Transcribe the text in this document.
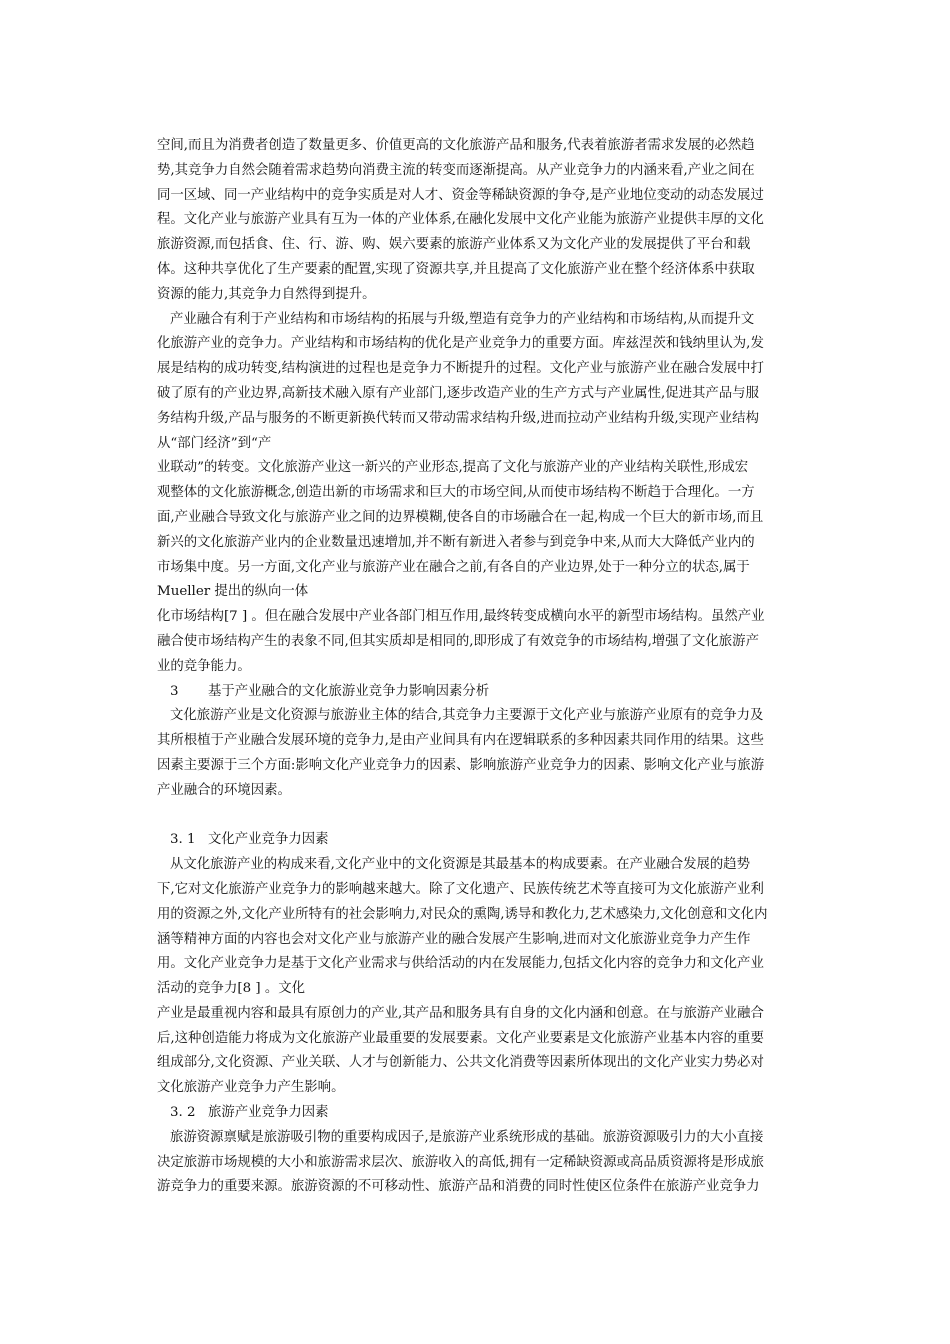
空间,而且为消费者创造了数量更多、价值更高的文化旅游产品和服务,代表着旅游者需求发展的必然趋
势,其竞争力自然会随着需求趋势向消费主流的转变而逐渐提高。从产业竞争力的内涵来看,产业之间在
同一区域、同一产业结构中的竞争实质是对人才、资金等稀缺资源的争夺,是产业地位变动的动态发展过
程。文化产业与旅游产业具有互为一体的产业体系,在融化发展中文化产业能为旅游产业提供丰厚的文化
旅游资源,而包括食、住、行、游、购、娱六要素的旅游产业体系又为文化产业的发展提供了平台和载
体。这种共享优化了生产要素的配置,实现了资源共享,并且提高了文化旅游产业在整个经济体系中获取
资源的能力,其竞争力自然得到提升。
产业融合有利于产业结构和市场结构的拓展与升级,塑造有竞争力的产业结构和市场结构,从而提升文
化旅游产业的竞争力。产业结构和市场结构的优化是产业竞争力的重要方面。库兹涅茨和钱纳里认为,发
展是结构的成功转变,结构演进的过程也是竞争力不断提升的过程。文化产业与旅游产业在融合发展中打
破了原有的产业边界,高新技术融入原有产业部门,逐步改造产业的生产方式与产业属性,促进其产品与服
务结构升级,产品与服务的不断更新换代转而又带动需求结构升级,进而拉动产业结构升级,实现产业结构
从“部门经济”到“产
业联动”的转变。文化旅游产业这一新兴的产业形态,提高了文化与旅游产业的产业结构关联性,形成宏
观整体的文化旅游概念,创造出新的市场需求和巨大的市场空间,从而使市场结构不断趋于合理化。一方
面,产业融合导致文化与旅游产业之间的边界模糊,使各自的市场融合在一起,构成一个巨大的新市场,而且
新兴的文化旅游产业内的企业数量迅速增加,并不断有新进入者参与到竞争中来,从而大大降低产业内的
市场集中度。另一方面,文化产业与旅游产业在融合之前,有各自的产业边界,处于一种分立的状态,属于
Mueller 提出的纵向一体
化市场结构[7 ] 。但在融合发展中产业各部门相互作用,最终转变成横向水平的新型市场结构。虽然产业
融合使市场结构产生的表象不同,但其实质却是相同的,即形成了有效竞争的市场结构,增强了文化旅游产
业的竞争能力。
3 基于产业融合的文化旅游业竞争力影响因素分析
文化旅游产业是文化资源与旅游业主体的结合,其竞争力主要源于文化产业与旅游产业原有的竞争力及
其所根植于产业融合发展环境的竞争力,是由产业间具有内在逻辑联系的多种因素共同作用的结果。这些
因素主要源于三个方面:影响文化产业竞争力的因素、影响旅游产业竞争力的因素、影响文化产业与旅游
产业融合的环境因素。
3. 1 文化产业竞争力因素
从文化旅游产业的构成来看,文化产业中的文化资源是其最基本的构成要素。在产业融合发展的趋势
下,它对文化旅游产业竞争力的影响越来越大。除了文化遗产、民族传统艺术等直接可为文化旅游产业利
用的资源之外,文化产业所特有的社会影响力,对民众的熏陶,诱导和教化力,艺术感染力,文化创意和文化内
涵等精神方面的内容也会对文化产业与旅游产业的融合发展产生影响,进而对文化旅游业竞争力产生作
用。文化产业竞争力是基于文化产业需求与供给活动的内在发展能力,包括文化内容的竞争力和文化产业
活动的竞争力[8 ] 。文化
产业是最重视内容和最具有原创力的产业,其产品和服务具有自身的文化内涵和创意。在与旅游产业融合
后,这种创造能力将成为文化旅游产业最重要的发展要素。文化产业要素是文化旅游产业基本内容的重要
组成部分,文化资源、产业关联、人才与创新能力、公共文化消费等因素所体现出的文化产业实力势必对
文化旅游产业竞争力产生影响。
3. 2 旅游产业竞争力因素
旅游资源禀赋是旅游吸引物的重要构成因子,是旅游产业系统形成的基础。旅游资源吸引力的大小直接
决定旅游市场规模的大小和旅游需求层次、旅游收入的高低,拥有一定稀缺资源或高品质资源将是形成旅
游竞争力的重要来源。旅游资源的不可移动性、旅游产品和消费的同时性使区位条件在旅游产业竞争力
